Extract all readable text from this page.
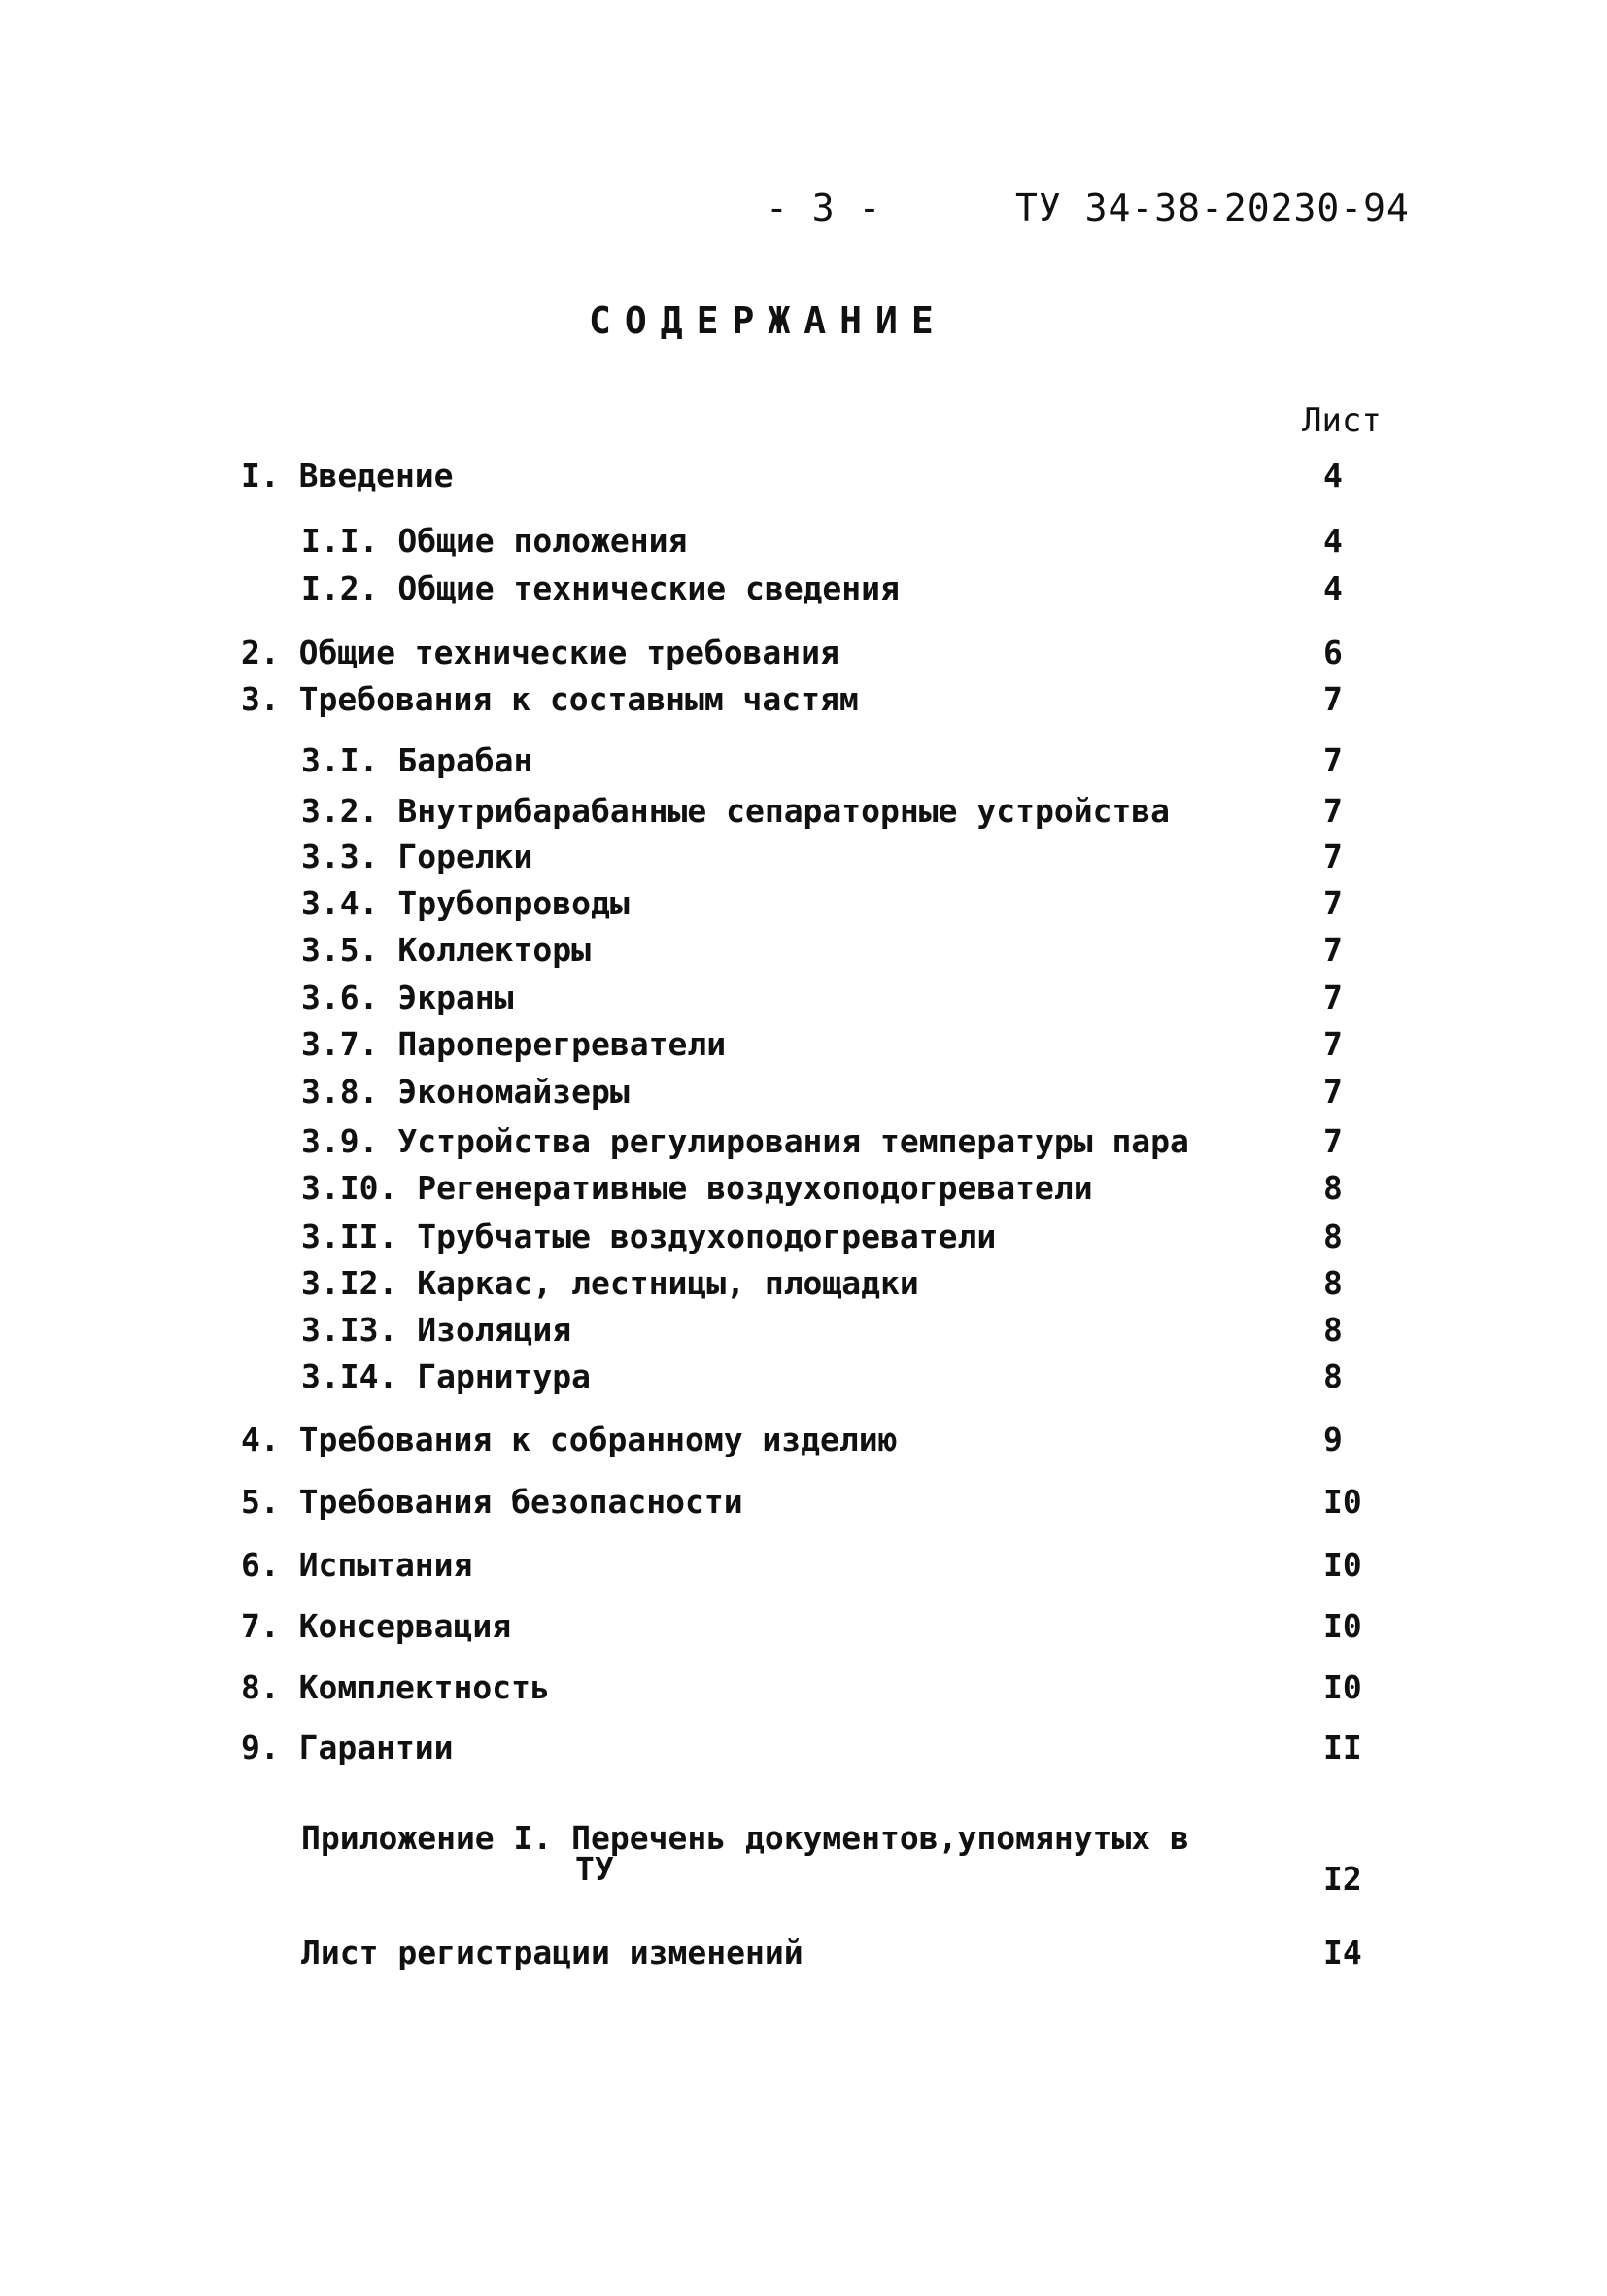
- 3 -	ТУ 34-38-20230-94
СОДЕРЖАНИЕ
Лист
I. Введение	4
I.I. Общие положения	4
I.2. Общие технические сведения	4
2. Общие технические требования	6
3. Требования к составным частям	7
3.I. Барабан	7
3.2. Внутрибарабанные сепараторные устройства	7
3.3. Горелки	7
3.4. Трубопроводы	7
3.5. Коллекторы	7
3.6. Экраны	7
3.7. Пароперегреватели	7
3.8. Экономайзеры	7
3.9. Устройства регулирования температуры пара	7
3.I0. Регенеративные воздухоподогреватели	8
3.II. Трубчатые воздухоподогреватели	8
3.I2. Каркас, лестницы, площадки	8
3.I3. Изоляция	8
3.I4. Гарнитура	8
4. Требования к собранному изделию	9
5. Требования безопасности	I0
6. Испытания	I0
7. Консервация	I0
8. Комплектность	I0
9. Гарантии	II
Приложение I. Перечень документов,упомянутых в
ТУ	I2
Лист регистрации изменений	I4
